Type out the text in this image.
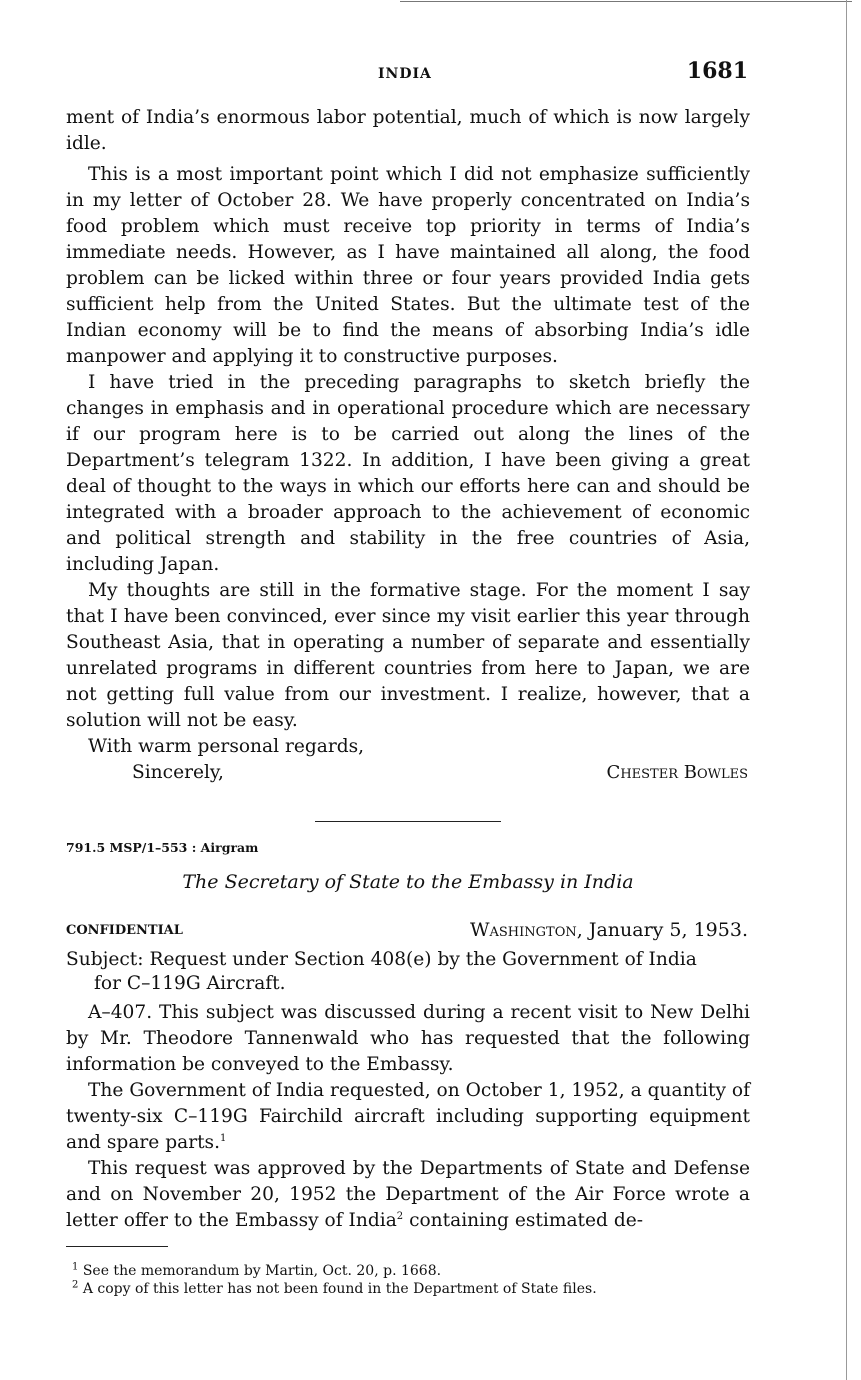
INDIA	1681

ment of India’s enormous labor potential, much of which is now largely idle.

This is a most important point which I did not emphasize sufficiently in my letter of October 28. We have properly concentrated on India’s food problem which must receive top priority in terms of India’s immediate needs. However, as I have maintained all along, the food problem can be licked within three or four years provided India gets sufficient help from the United States. But the ultimate test of the Indian economy will be to find the means of absorbing India’s idle manpower and applying it to constructive purposes.

I have tried in the preceding paragraphs to sketch briefly the changes in emphasis and in operational procedure which are necessary if our program here is to be carried out along the lines of the Department’s telegram 1322. In addition, I have been giving a great deal of thought to the ways in which our efforts here can and should be integrated with a broader approach to the achievement of economic and political strength and stability in the free countries of Asia, including Japan.

My thoughts are still in the formative stage. For the moment I say that I have been convinced, ever since my visit earlier this year through Southeast Asia, that in operating a number of separate and essentially unrelated programs in different countries from here to Japan, we are not getting full value from our investment. I realize, however, that a solution will not be easy.

With warm personal regards,

Sincerely,	Chester Bowles
791.5 MSP/1–553 : Airgram
The Secretary of State to the Embassy in India
CONFIDENTIAL	Washington, January 5, 1953.

Subject: Request under Section 408(e) by the Government of India

for C–119G Aircraft.

A–407. This subject was discussed during a recent visit to New Delhi by Mr. Theodore Tannenwald who has requested that the following information be conveyed to the Embassy.

The Government of India requested, on October 1, 1952, a quantity of twenty-six C–119G Fairchild aircraft including supporting equipment and spare parts.$^1$

This request was approved by the Departments of State and Defense and on November 20, 1952 the Department of the Air Force wrote a letter offer to the Embassy of India$^2$ containing estimated de-

$^1$ See the memorandum by Martin, Oct. 20, p. 1668.

$^2$ A copy of this letter has not been found in the Department of State files.
